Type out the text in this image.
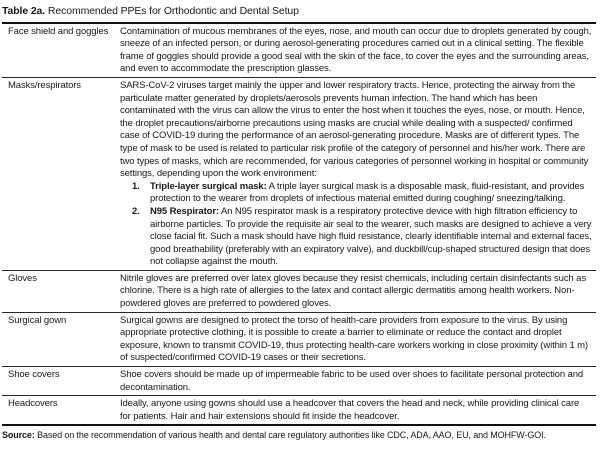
Table 2a. Recommended PPEs for Orthodontic and Dental Setup
Face shield and goggles	Contamination of mucous membranes of the eyes, nose, and mouth can occur due to droplets generated by cough, sneeze of an infected person, or during aerosol-generating procedures carried out in a clinical setting. The flexible frame of goggles should provide a good seal with the skin of the face, to cover the eyes and the surrounding areas, and even to accommodate the prescription glasses.
Masks/respirators	SARS-CoV-2 viruses target mainly the upper and lower respiratory tracts. Hence, protecting the airway from the particulate matter generated by droplets/aerosols prevents human infection. The hand which has been contaminated with the virus can allow the virus to enter the host when it touches the eyes, nose, or mouth. Hence, the droplet precautions/airborne precautions using masks are crucial while dealing with a suspected/ confirmed case of COVID-19 during the performance of an aerosol-generating procedure. Masks are of different types. The type of mask to be used is related to particular risk profile of the category of personnel and his/her work. There are two types of masks, which are recommended, for various categories of personnel working in hospital or community settings, depending upon the work environment:
1.	Triple-layer surgical mask: A triple layer surgical mask is a disposable mask, fluid-resistant, and provides protection to the wearer from droplets of infectious material emitted during coughing/ sneezing/talking.
2.	N95 Respirator: An N95 respirator mask is a respiratory protective device with high filtration efficiency to airborne particles. To provide the requisite air seal to the wearer, such masks are designed to achieve a very close facial fit. Such a mask should have high fluid resistance, clearly identifiable internal and external faces, good breathability (preferably with an expiratory valve), and duckbill/cup-shaped structured design that does not collapse against the mouth.
Gloves	Nitrile gloves are preferred over latex gloves because they resist chemicals, including certain disinfectants such as chlorine. There is a high rate of allergies to the latex and contact allergic dermatitis among health workers. Non-powdered gloves are preferred to powdered gloves.
Surgical gown	Surgical gowns are designed to protect the torso of health-care providers from exposure to the virus. By using appropriate protective clothing, it is possible to create a barrier to eliminate or reduce the contact and droplet exposure, known to transmit COVID-19, thus protecting health-care workers working in close proximity (within 1 m) of suspected/confirmed COVID-19 cases or their secretions.
Shoe covers	Shoe covers should be made up of impermeable fabric to be used over shoes to facilitate personal protection and decontamination.
Headcovers	Ideally, anyone using gowns should use a headcover that covers the head and neck, while providing clinical care for patients. Hair and hair extensions should fit inside the headcover.
Source: Based on the recommendation of various health and dental care regulatory authorities like CDC, ADA, AAO, EU, and MOHFW-GOI.
